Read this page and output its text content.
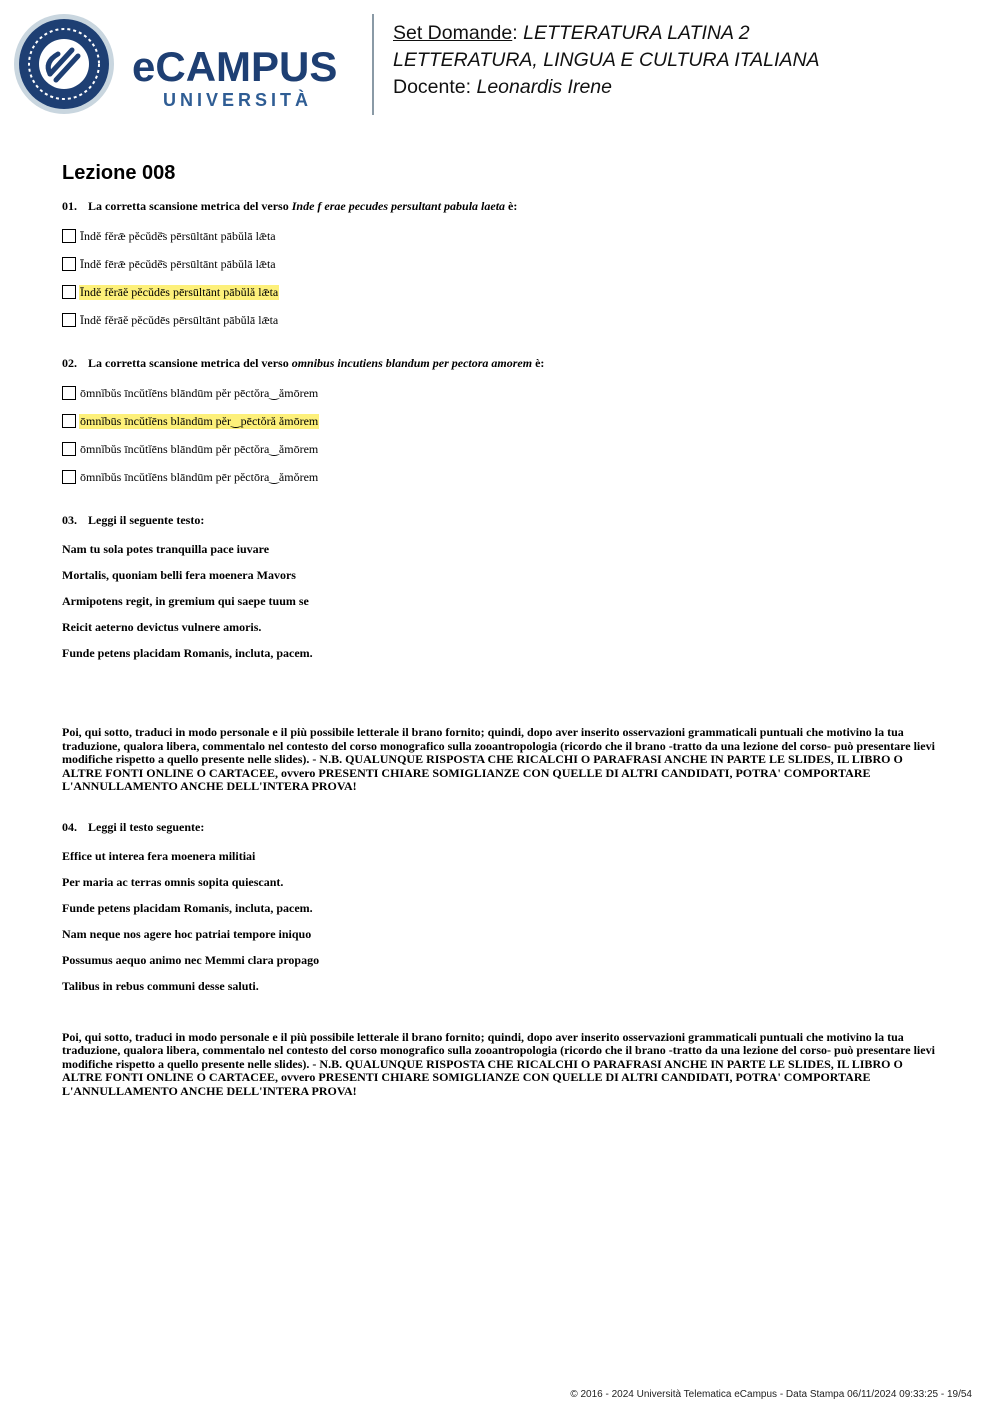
eCAMPUS
UNIVERSITÀ
Set Domande: LETTERATURA LATINA 2
LETTERATURA, LINGUA E CULTURA ITALIANA
Docente: Leonardis Irene
Lezione 008
01. La corretta scansione metrica del verso Inde f erae pecudes persultant pabula laeta è:
Īndĕ fĕrǣ pĕcŭdĕ̄s pērsūltānt pābŭlā lǣta
Īndĕ fērǣ pēcŭdĕ̄s pērsūltānt pābŭlā lǣta
Īndĕ fĕrāĕ pĕcŭdēs pērsūltānt pābŭlă lǣta
Īndĕ fĕrāĕ pĕcŭdēs pērsūltānt pābŭlā lǣta
02. La corretta scansione metrica del verso omnibus incutiens blandum per pectora amorem è:
ōmnĭbŭs īncŭtĭēns blāndūm pĕr pēctŏra‿ămōrem
ōmnĭbūs īncŭtĭēns blāndūm pĕr‿pēctŏră ămōrem
ōmnĭbŭs īncŭtĭēns blāndūm pĕr pēctŏra‿ămōrem
ōmnĭbŭs īncŭtĭēns blāndūm pēr pĕctōra‿ămŏrem
03. Leggi il seguente testo:
Nam tu sola potes tranquilla pace iuvare
Mortalis, quoniam belli fera moenera Mavors
Armipotens regit, in gremium qui saepe tuum se
Reicit aeterno devictus vulnere amoris.
Funde petens placidam Romanis, incluta, pacem.

Poi, qui sotto, traduci in modo personale e il più possibile letterale il brano fornito; quindi, dopo aver inserito osservazioni grammaticali puntuali che motivino la tua traduzione, qualora libera, commentalo nel contesto del corso monografico sulla zooantropologia (ricordo che il brano -tratto da una lezione del corso- può presentare lievi modifiche rispetto a quello presente nelle slides). - N.B. QUALUNQUE RISPOSTA CHE RICALCHI O PARAFRASI ANCHE IN PARTE LE SLIDES, IL LIBRO O ALTRE FONTI ONLINE O CARTACEE, ovvero PRESENTI CHIARE SOMIGLIANZE CON QUELLE DI ALTRI CANDIDATI, POTRA' COMPORTARE L'ANNULLAMENTO ANCHE DELL'INTERA PROVA!

04. Leggi il testo seguente:
Effice ut interea fera moenera militiai
Per maria ac terras omnis sopita quiescant.
Funde petens placidam Romanis, incluta, pacem.
Nam neque nos agere hoc patriai tempore iniquo
Possumus aequo animo nec Memmi clara propago
Talibus in rebus communi desse saluti.

Poi, qui sotto, traduci in modo personale e il più possibile letterale il brano fornito; quindi, dopo aver inserito osservazioni grammaticali puntuali che motivino la tua traduzione, qualora libera, commentalo nel contesto del corso monografico sulla zooantropologia (ricordo che il brano -tratto da una lezione del corso- può presentare lievi modifiche rispetto a quello presente nelle slides). - N.B. QUALUNQUE RISPOSTA CHE RICALCHI O PARAFRASI ANCHE IN PARTE LE SLIDES, IL LIBRO O ALTRE FONTI ONLINE O CARTACEE, ovvero PRESENTI CHIARE SOMIGLIANZE CON QUELLE DI ALTRI CANDIDATI, POTRA' COMPORTARE L'ANNULLAMENTO ANCHE DELL'INTERA PROVA!

© 2016 - 2024 Università Telematica eCampus - Data Stampa 06/11/2024 09:33:25 - 19/54
